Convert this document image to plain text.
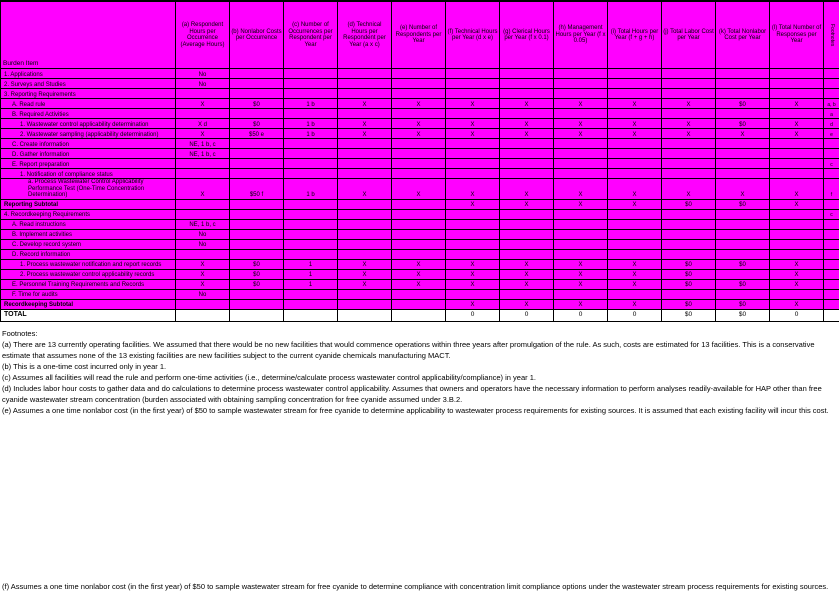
Burden Item	(a) Respondent Hours per Occurrence (Average Hours)	(b) Nonlabor Costs per Occurrence	(c) Number of Occurrences per Respondent per Year	(d) Technical Hours per Respondent per Year (a x c)	(e) Number of Respondents per Year	(f) Technical Hours per Year (d x e)	(g) Clerical Hours per Year (f x 0.1)	(h) Management Hours per Year (f x 0.05)	(i) Total Hours per Year (f + g + h)	(j) Total Labor Cost per Year	(k) Total Nonlabor Cost per Year	(l) Total Number of Responses per Year	Footnotes
1. Applications	No												
2. Surveys and Studies	No												
3. Reporting Requirements													
A. Read rule	X	$0	1 b	X	X	X	X	X	X	X	$0	X	a, b
B. Required Activities													a
1. Wastewater control applicability determination	X d	$0	1 b	X	X	X	X	X	X	X	$0	X	d
2. Wastewater sampling (applicability determination)	X	$50 e	1 b	X	X	X	X	X	X	X	X	X	e
C. Create information	NE, 1 b, c												
D. Gather information	NE, 1 b, c												
E. Report preparation													c
1. Notification of compliance status													
a. Process Wastewater Control Applicability Performance Test (One-Time Concentration Determination)	X	$50 f	1 b	X	X	X	X	X	X	X	X	X	f
Reporting Subtotal						X	X	X	X	$0	$0	X	
4. Recordkeeping Requirements													c
A. Read instructions	NE, 1 b, c												
B. Implement activities	No												
C. Develop record system	No												
D. Record information													
1. Process wastewater notification and report records	X	$0	1	X	X	X	X	X	X	$0	$0	X	
2. Process wastewater control applicability records	X	$0	1	X	X	X	X	X	X	$0		X	
E. Personnel Training Requirements and Records	X	$0	1	X	X	X	X	X	X	$0	$0	X	
F. Time for audits	No												
Recordkeeping Subtotal						X	X	X	X	$0	$0	X	
TOTAL						0	0	0	0	$0	$0	0	
Footnotes:
(a) There are 13 currently operating facilities. We assumed that there would be no new facilities that would commence operations within three years after promulgation of the rule. As such, costs are estimated for 13 facilities. This is a conservative estimate that assumes none of the 13 existing facilities are new facilities subject to the current cyanide chemicals manufacturing MACT.
(b) This is a one-time cost incurred only in year 1.
(c) Assumes all facilities will read the rule and perform one-time activities (i.e., determine/calculate process wastewater control applicability/compliance) in year 1.
(d) Includes labor hour costs to gather data and do calculations to determine process wastewater control applicability. Assumes that owners and operators have the necessary information to perform analyses readily-available for HAP other than free cyanide wastewater stream concentration (burden associated with obtaining sampling concentration for free cyanide assumed under 3.B.2.
(e) Assumes a one time nonlabor cost (in the first year) of $50 to sample wastewater stream for free cyanide to determine applicability to wastewater process requirements for existing sources. It is assumed that each existing facility will incur this cost.
(f) Assumes a one time nonlabor cost (in the first year) of $50 to sample wastewater stream for free cyanide to determine compliance with concentration limit compliance options under the wastewater stream process requirements for existing sources.
